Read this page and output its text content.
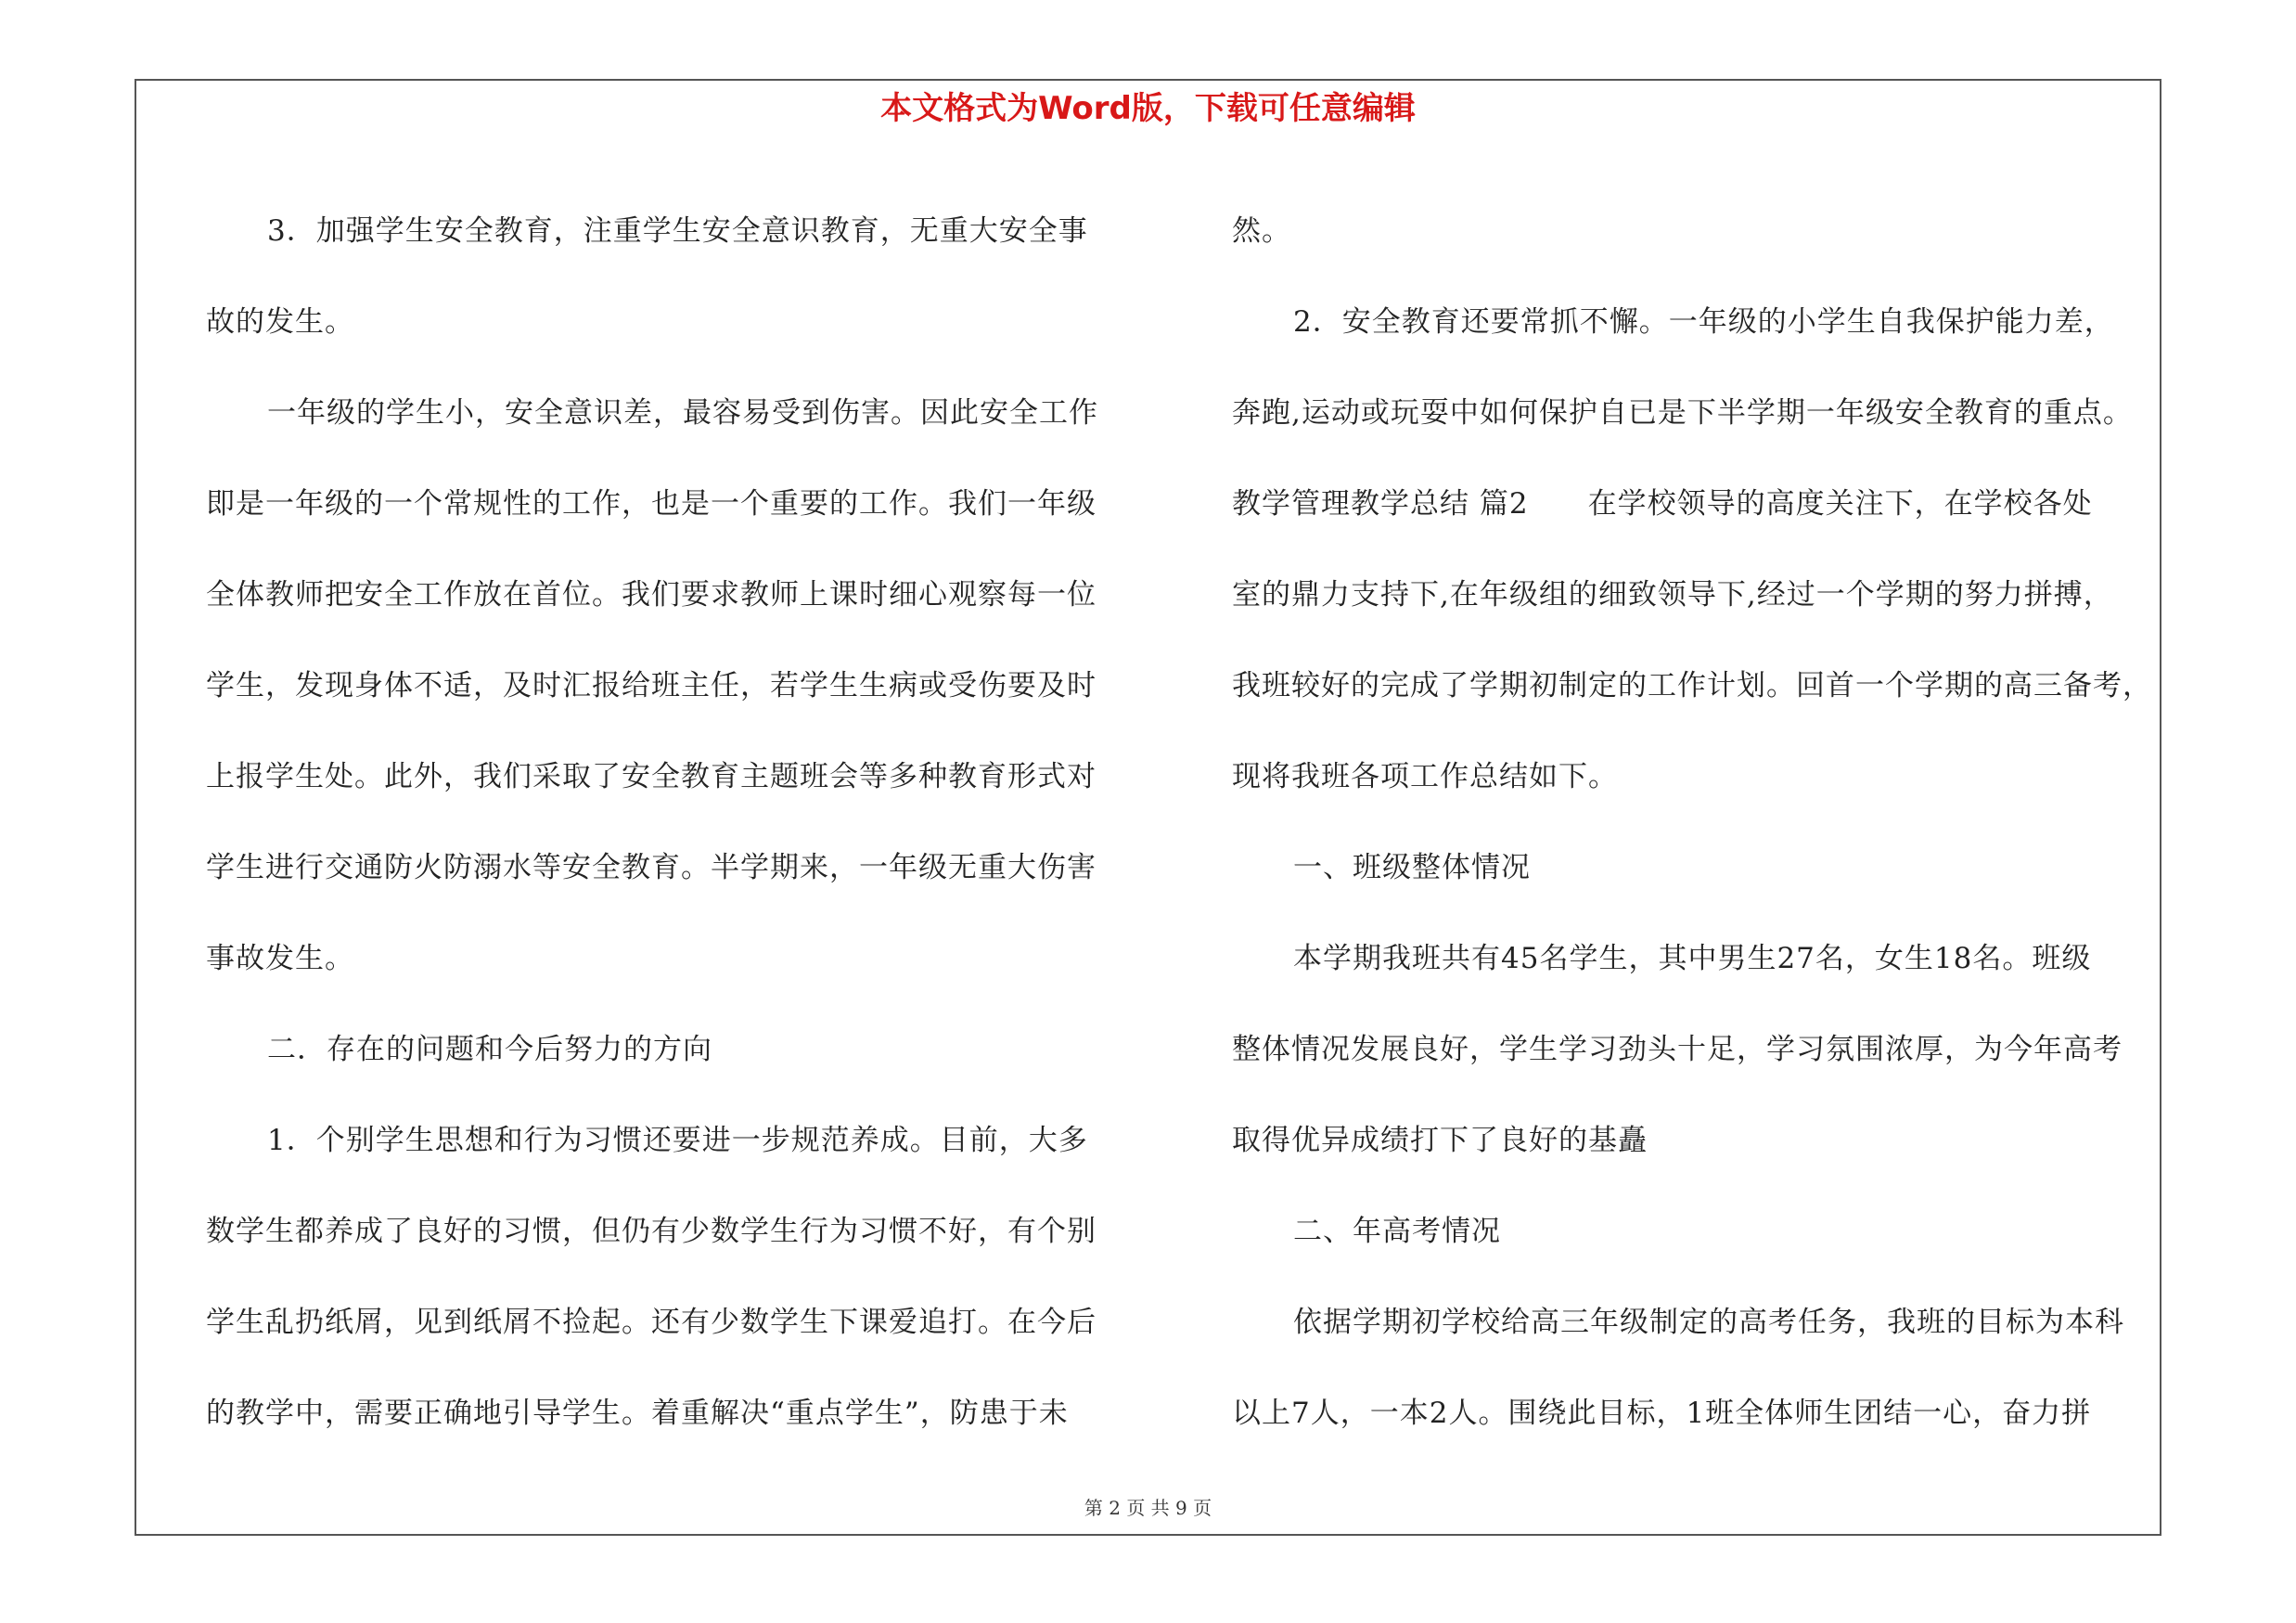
本文格式为Word版，下载可任意编辑
3．加强学生安全教育，注重学生安全意识教育，无重大安全事
故的发生。
一年级的学生小，安全意识差，最容易受到伤害。因此安全工作
即是一年级的一个常规性的工作，也是一个重要的工作。我们一年级
全体教师把安全工作放在首位。我们要求教师上课时细心观察每一位
学生，发现身体不适，及时汇报给班主任，若学生生病或受伤要及时
上报学生处。此外，我们采取了安全教育主题班会等多种教育形式对
学生进行交通防火防溺水等安全教育。半学期来，一年级无重大伤害
事故发生。
二．存在的问题和今后努力的方向
1．个别学生思想和行为习惯还要进一步规范养成。目前，大多
数学生都养成了良好的习惯，但仍有少数学生行为习惯不好，有个别
学生乱扔纸屑，见到纸屑不捡起。还有少数学生下课爱追打。在今后
的教学中，需要正确地引导学生。着重解决“重点学生”，防患于未
然。
2．安全教育还要常抓不懈。一年级的小学生自我保护能力差，
奔跑,运动或玩耍中如何保护自已是下半学期一年级安全教育的重点。
教学管理教学总结 篇2　　在学校领导的高度关注下，在学校各处
室的鼎力支持下,在年级组的细致领导下,经过一个学期的努力拼搏，
我班较好的完成了学期初制定的工作计划。回首一个学期的高三备考，
现将我班各项工作总结如下。
一、班级整体情况
本学期我班共有45名学生，其中男生27名，女生18名。班级
整体情况发展良好，学生学习劲头十足，学习氛围浓厚，为今年高考
取得优异成绩打下了良好的基矗
二、年高考情况
依据学期初学校给高三年级制定的高考任务，我班的目标为本科
以上7人，一本2人。围绕此目标，1班全体师生团结一心，奋力拼
第 2 页 共 9 页
